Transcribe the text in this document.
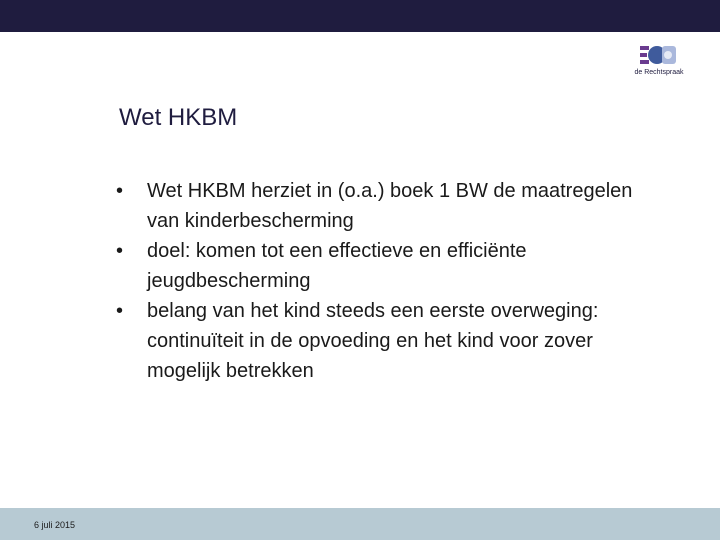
de Rechtspraak
Wet HKBM
• Wet HKBM herziet in (o.a.) boek 1 BW de maatregelen van kinderbescherming
• doel: komen tot een effectieve en efficiënte jeugdbescherming
• belang van het kind steeds een eerste overweging: continuïteit in de opvoeding en het kind voor zover mogelijk betrekken
6 juli 2015
